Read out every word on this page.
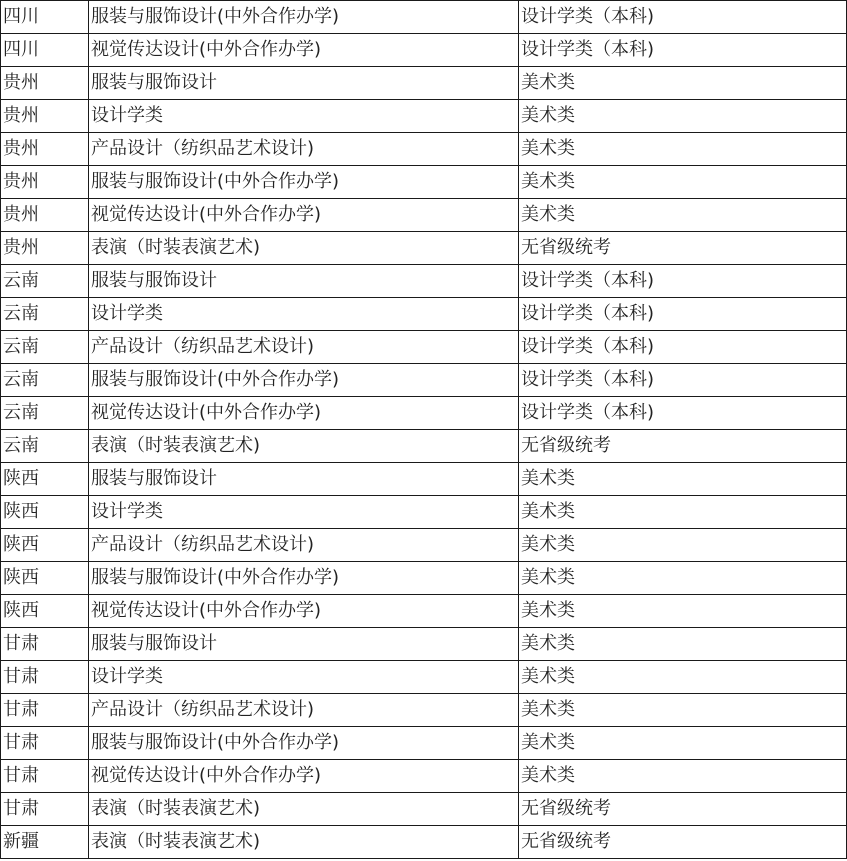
四川	服装与服饰设计(中外合作办学)	设计学类（本科)
四川	视觉传达设计(中外合作办学)	设计学类（本科)
贵州	服装与服饰设计	美术类
贵州	设计学类	美术类
贵州	产品设计（纺织品艺术设计)	美术类
贵州	服装与服饰设计(中外合作办学)	美术类
贵州	视觉传达设计(中外合作办学)	美术类
贵州	表演（时装表演艺术)	无省级统考
云南	服装与服饰设计	设计学类（本科)
云南	设计学类	设计学类（本科)
云南	产品设计（纺织品艺术设计)	设计学类（本科)
云南	服装与服饰设计(中外合作办学)	设计学类（本科)
云南	视觉传达设计(中外合作办学)	设计学类（本科)
云南	表演（时装表演艺术)	无省级统考
陕西	服装与服饰设计	美术类
陕西	设计学类	美术类
陕西	产品设计（纺织品艺术设计)	美术类
陕西	服装与服饰设计(中外合作办学)	美术类
陕西	视觉传达设计(中外合作办学)	美术类
甘肃	服装与服饰设计	美术类
甘肃	设计学类	美术类
甘肃	产品设计（纺织品艺术设计)	美术类
甘肃	服装与服饰设计(中外合作办学)	美术类
甘肃	视觉传达设计(中外合作办学)	美术类
甘肃	表演（时装表演艺术)	无省级统考
新疆	表演（时装表演艺术)	无省级统考
